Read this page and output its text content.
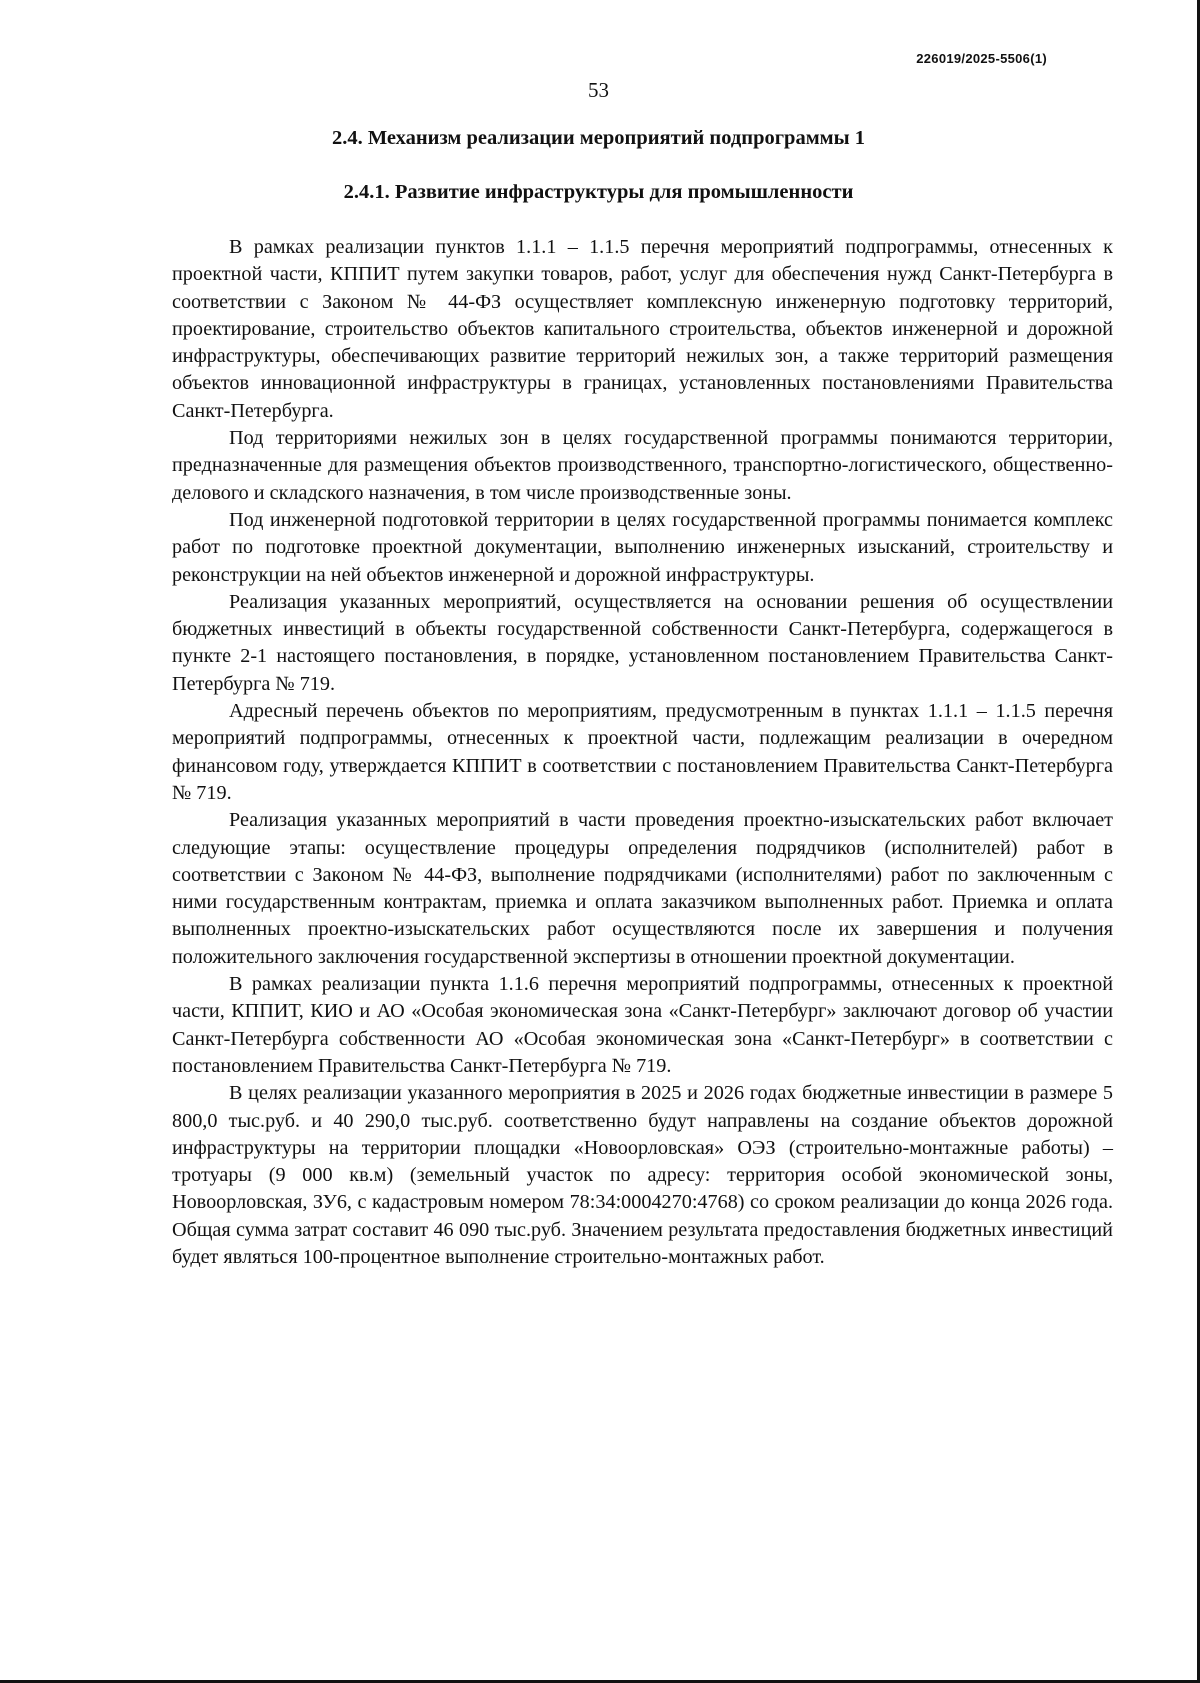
226019/2025-5506(1)
53
2.4. Механизм реализации мероприятий подпрограммы 1
2.4.1. Развитие инфраструктуры для промышленности

В рамках реализации пунктов 1.1.1 – 1.1.5 перечня мероприятий подпрограммы, отнесенных к проектной части, КППИТ путем закупки товаров, работ, услуг для обеспечения нужд Санкт-Петербурга в соответствии с Законом № 44-ФЗ осуществляет комплексную инженерную подготовку территорий, проектирование, строительство объектов капитального строительства, объектов инженерной и дорожной инфраструктуры, обеспечивающих развитие территорий нежилых зон, а также территорий размещения объектов инновационной инфраструктуры в границах, установленных постановлениями Правительства Санкт-Петербурга.

Под территориями нежилых зон в целях государственной программы понимаются территории, предназначенные для размещения объектов производственного, транспортно-логистического, общественно-делового и складского назначения, в том числе производственные зоны.

Под инженерной подготовкой территории в целях государственной программы понимается комплекс работ по подготовке проектной документации, выполнению инженерных изысканий, строительству и реконструкции на ней объектов инженерной и дорожной инфраструктуры.

Реализация указанных мероприятий, осуществляется на основании решения об осуществлении бюджетных инвестиций в объекты государственной собственности Санкт-Петербурга, содержащегося в пункте 2-1 настоящего постановления, в порядке, установленном постановлением Правительства Санкт-Петербурга № 719.

Адресный перечень объектов по мероприятиям, предусмотренным в пунктах 1.1.1 – 1.1.5 перечня мероприятий подпрограммы, отнесенных к проектной части, подлежащим реализации в очередном финансовом году, утверждается КППИТ в соответствии с постановлением Правительства Санкт-Петербурга № 719.

Реализация указанных мероприятий в части проведения проектно-изыскательских работ включает следующие этапы: осуществление процедуры определения подрядчиков (исполнителей) работ в соответствии с Законом № 44-ФЗ, выполнение подрядчиками (исполнителями) работ по заключенным с ними государственным контрактам, приемка и оплата заказчиком выполненных работ. Приемка и оплата выполненных проектно-изыскательских работ осуществляются после их завершения и получения положительного заключения государственной экспертизы в отношении проектной документации.

В рамках реализации пункта 1.1.6 перечня мероприятий подпрограммы, отнесенных к проектной части, КППИТ, КИО и АО «Особая экономическая зона «Санкт-Петербург» заключают договор об участии Санкт-Петербурга собственности АО «Особая экономическая зона «Санкт-Петербург» в соответствии с постановлением Правительства Санкт-Петербурга № 719.

В целях реализации указанного мероприятия в 2025 и 2026 годах бюджетные инвестиции в размере 5 800,0 тыс.руб. и 40 290,0 тыс.руб. соответственно будут направлены на создание объектов дорожной инфраструктуры на территории площадки «Новоорловская» ОЭЗ (строительно-монтажные работы) – тротуары (9 000 кв.м) (земельный участок по адресу: территория особой экономической зоны, Новоорловская, ЗУ6, с кадастровым номером 78:34:0004270:4768) со сроком реализации до конца 2026 года. Общая сумма затрат составит 46 090 тыс.руб. Значением результата предоставления бюджетных инвестиций будет являться 100-процентное выполнение строительно-монтажных работ.
